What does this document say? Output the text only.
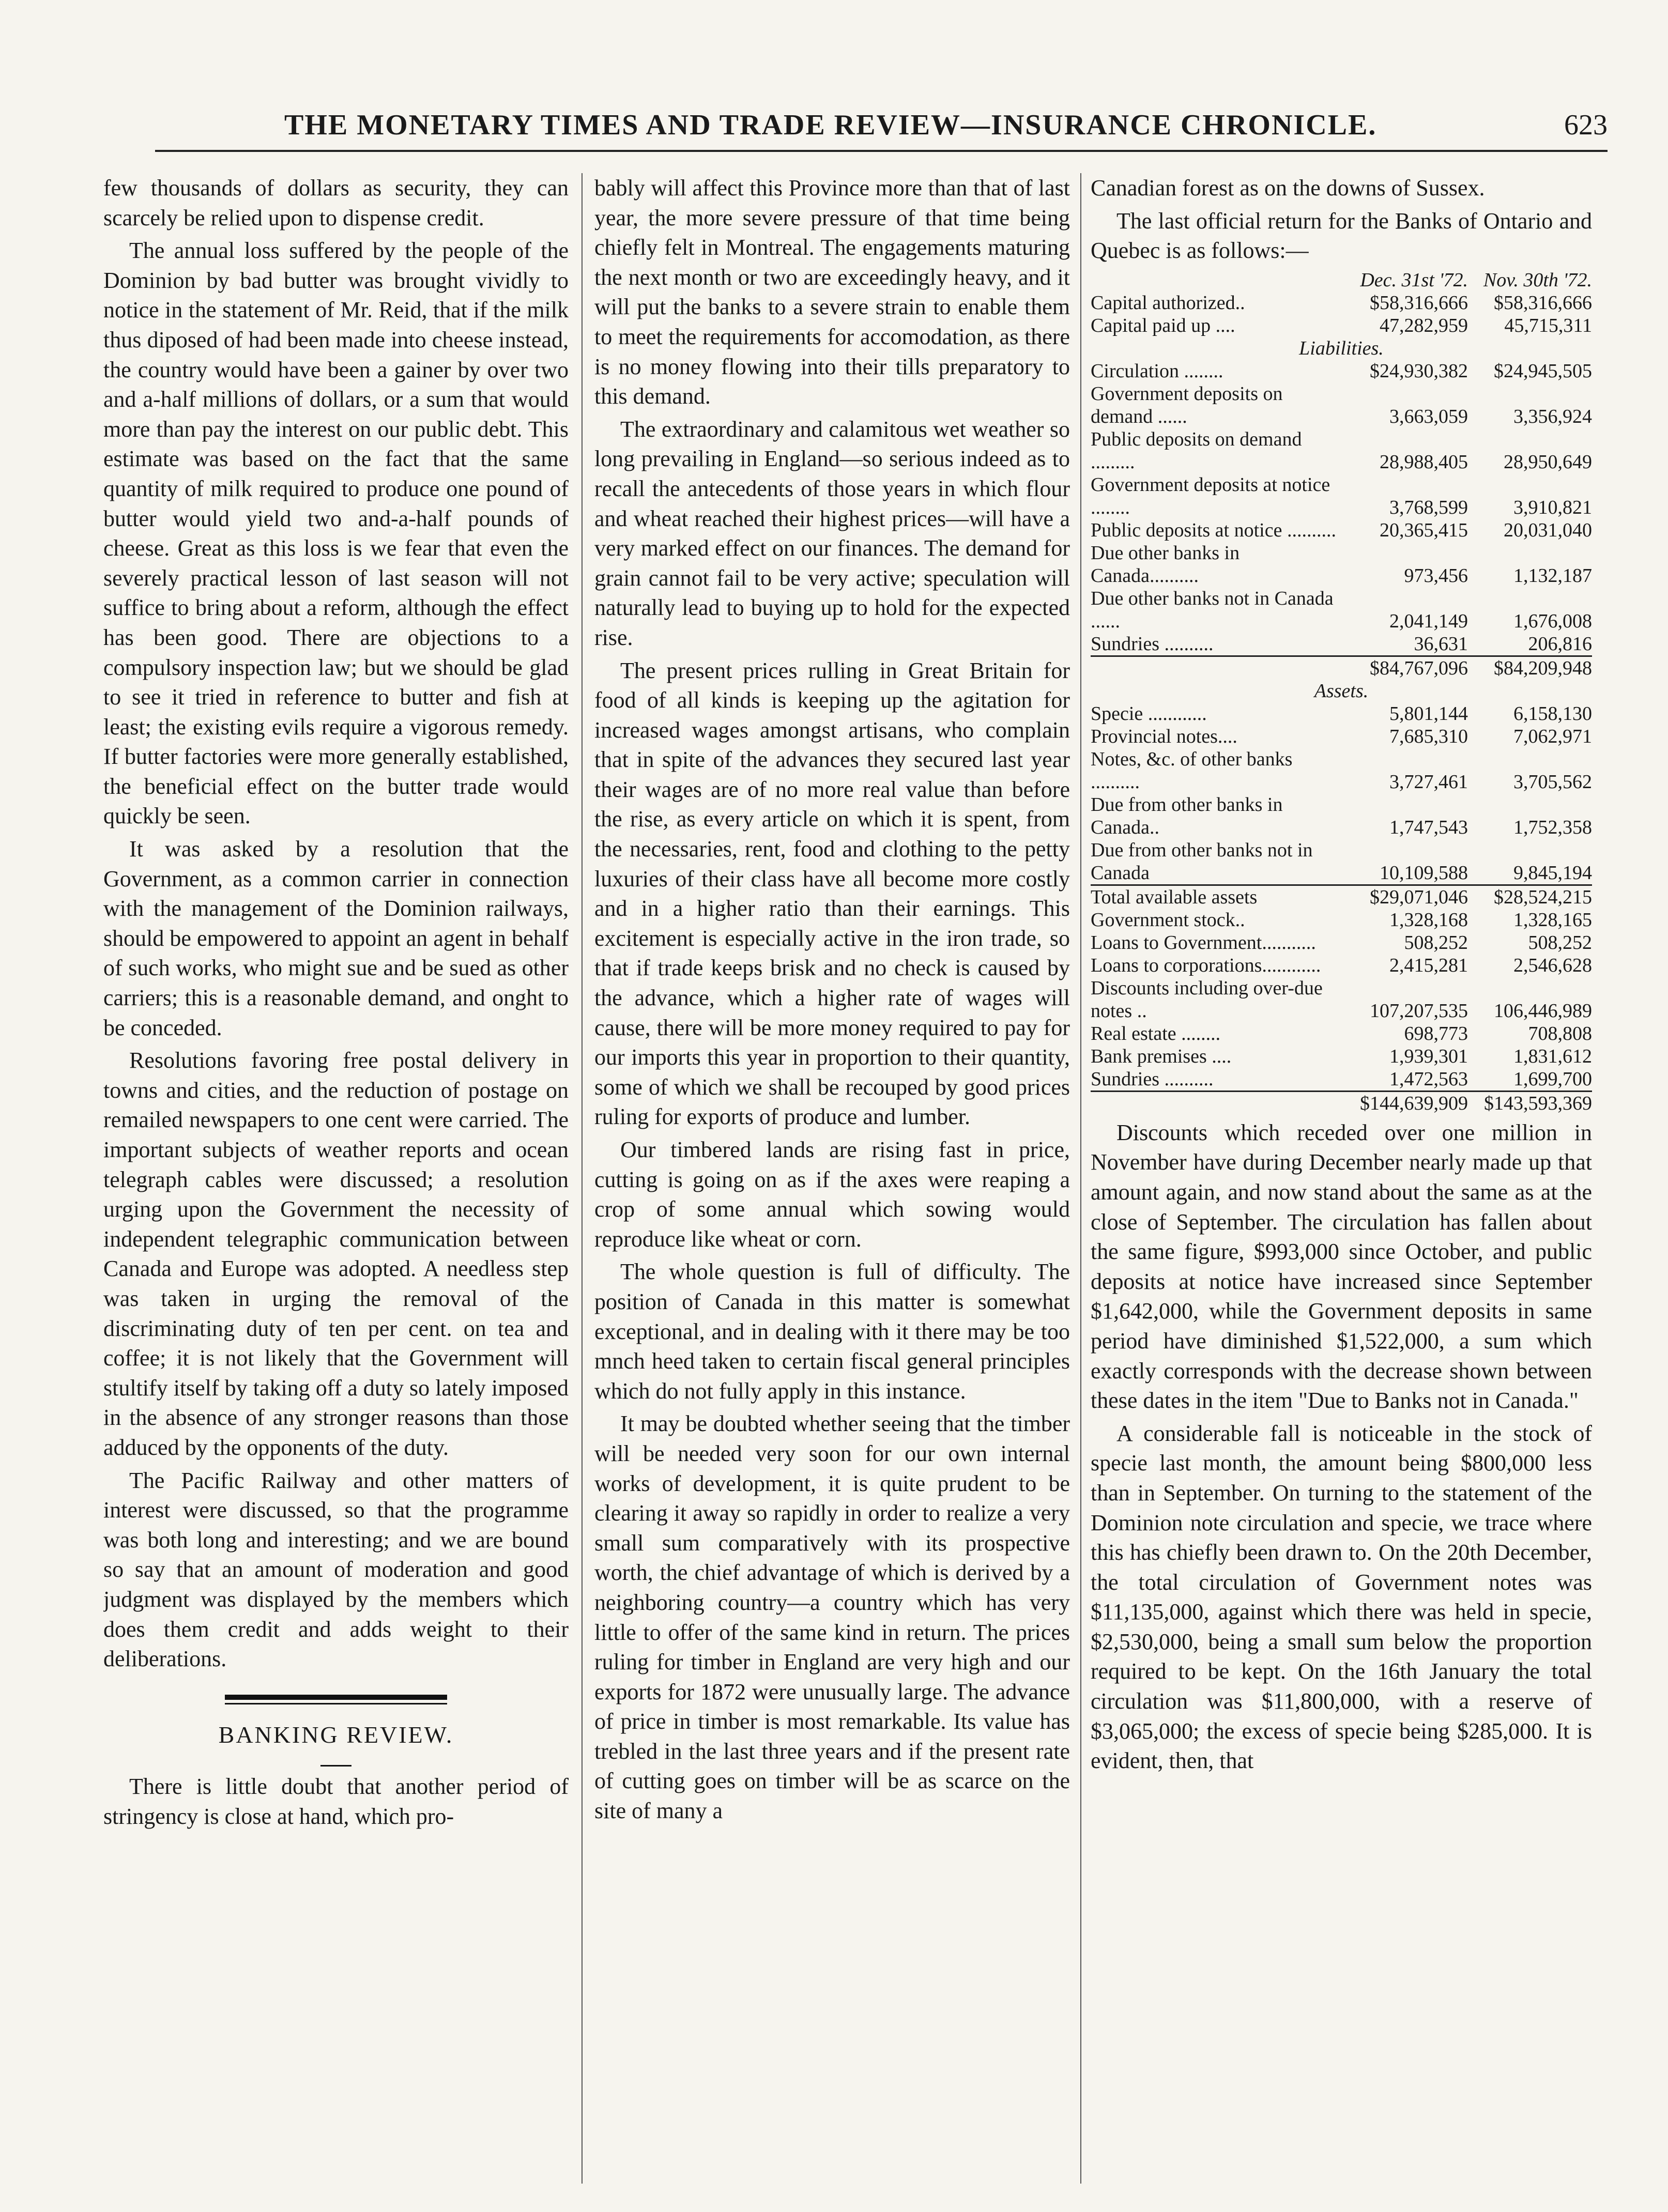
THE MONETARY TIMES AND TRADE REVIEW—INSURANCE CHRONICLE.	623

few thousands of dollars as security, they can scarcely be relied upon to dispense credit.

The annual loss suffered by the people of the Dominion by bad butter was brought vividly to notice in the statement of Mr. Reid, that if the milk thus diposed of had been made into cheese instead, the country would have been a gainer by over two and a-half millions of dollars, or a sum that would more than pay the interest on our public debt. This estimate was based on the fact that the same quantity of milk required to produce one pound of butter would yield two and-a-half pounds of cheese. Great as this loss is we fear that even the severely practical lesson of last season will not suffice to bring about a reform, although the effect has been good. There are objections to a compulsory inspection law; but we should be glad to see it tried in reference to butter and fish at least; the existing evils require a vigorous remedy. If butter factories were more generally established, the beneficial effect on the butter trade would quickly be seen.

It was asked by a resolution that the Government, as a common carrier in connection with the management of the Dominion railways, should be empowered to appoint an agent in behalf of such works, who might sue and be sued as other carriers; this is a reasonable demand, and onght to be conceded.

Resolutions favoring free postal delivery in towns and cities, and the reduction of postage on remailed newspapers to one cent were carried. The important subjects of weather reports and ocean telegraph cables were discussed; a resolution urging upon the Government the necessity of independent telegraphic communication between Canada and Europe was adopted. A needless step was taken in urging the removal of the discriminating duty of ten per cent. on tea and coffee; it is not likely that the Government will stultify itself by taking off a duty so lately imposed in the absence of any stronger reasons than those adduced by the opponents of the duty.

The Pacific Railway and other matters of interest were discussed, so that the programme was both long and interesting; and we are bound so say that an amount of moderation and good judgment was displayed by the members which does them credit and adds weight to their deliberations.

BANKING REVIEW.

There is little doubt that another period of stringency is close at hand, which pro-

bably will affect this Province more than that of last year, the more severe pressure of that time being chiefly felt in Montreal. The engagements maturing the next month or two are exceedingly heavy, and it will put the banks to a severe strain to enable them to meet the requirements for accomodation, as there is no money flowing into their tills preparatory to this demand.

The extraordinary and calamitous wet weather so long prevailing in England—so serious indeed as to recall the antecedents of those years in which flour and wheat reached their highest prices—will have a very marked effect on our finances. The demand for grain cannot fail to be very active; speculation will naturally lead to buying up to hold for the expected rise.

The present prices rulling in Great Britain for food of all kinds is keeping up the agitation for increased wages amongst artisans, who complain that in spite of the advances they secured last year their wages are of no more real value than before the rise, as every article on which it is spent, from the necessaries, rent, food and clothing to the petty luxuries of their class have all become more costly and in a higher ratio than their earnings. This excitement is especially active in the iron trade, so that if trade keeps brisk and no check is caused by the advance, which a higher rate of wages will cause, there will be more money required to pay for our imports this year in proportion to their quantity, some of which we shall be recouped by good prices ruling for exports of produce and lumber.

Our timbered lands are rising fast in price, cutting is going on as if the axes were reaping a crop of some annual which sowing would reproduce like wheat or corn.

The whole question is full of difficulty. The position of Canada in this matter is somewhat exceptional, and in dealing with it there may be too mnch heed taken to certain fiscal general principles which do not fully apply in this instance.

It may be doubted whether seeing that the timber will be needed very soon for our own internal works of development, it is quite prudent to be clearing it away so rapidly in order to realize a very small sum comparatively with its prospective worth, the chief advantage of which is derived by a neighboring country—a country which has very little to offer of the same kind in return. The prices ruling for timber in England are very high and our exports for 1872 were unusually large. The advance of price in timber is most remarkable. Its value has trebled in the last three years and if the present rate of cutting goes on timber will be as scarce on the site of many a

Canadian forest as on the downs of Sussex.

The last official return for the Banks of Ontario and Quebec is as follows:—

	Dec. 31st '72.	Nov. 30th '72.
Capital authorized..	$58,316,666	$58,316,666
Capital paid up ....	47,282,959	45,715,311
Liabilities.		
Circulation ........	$24,930,382	$24,945,505
Government deposits on demand ......	3,663,059	3,356,924
Public deposits on demand .........	28,988,405	28,950,649
Government deposits at notice ........	3,768,599	3,910,821
Public deposits at notice ..........	20,365,415	20,031,040
Due other banks in Canada..........	973,456	1,132,187
Due other banks not in Canada ......	2,041,149	1,676,008
Sundries ..........	36,631	206,816
	$84,767,096	$84,209,948
Assets.		
Specie ............	5,801,144	6,158,130
Provincial notes....	7,685,310	7,062,971
Notes, &c. of other banks ..........	3,727,461	3,705,562
Due from other banks in Canada..	1,747,543	1,752,358
Due from other banks not in Canada	10,109,588	9,845,194
Total available assets	$29,071,046	$28,524,215
Government stock..	1,328,168	1,328,165
Loans to Government...........	508,252	508,252
Loans to corporations............	2,415,281	2,546,628
Discounts including over-due notes ..	107,207,535	106,446,989
Real estate ........	698,773	708,808
Bank premises ....	1,939,301	1,831,612
Sundries ..........	1,472,563	1,699,700
	$144,639,909	$143,593,369

Discounts which receded over one million in November have during December nearly made up that amount again, and now stand about the same as at the close of September. The circulation has fallen about the same figure, $993,000 since October, and public deposits at notice have increased since September $1,642,000, while the Government deposits in same period have diminished $1,522,000, a sum which exactly corresponds with the decrease shown between these dates in the item "Due to Banks not in Canada."

A considerable fall is noticeable in the stock of specie last month, the amount being $800,000 less than in September. On turning to the statement of the Dominion note circulation and specie, we trace where this has chiefly been drawn to. On the 20th December, the total circulation of Government notes was $11,135,000, against which there was held in specie, $2,530,000, being a small sum below the proportion required to be kept. On the 16th January the total circulation was $11,800,000, with a reserve of $3,065,000; the excess of specie being $285,000. It is evident, then, that
